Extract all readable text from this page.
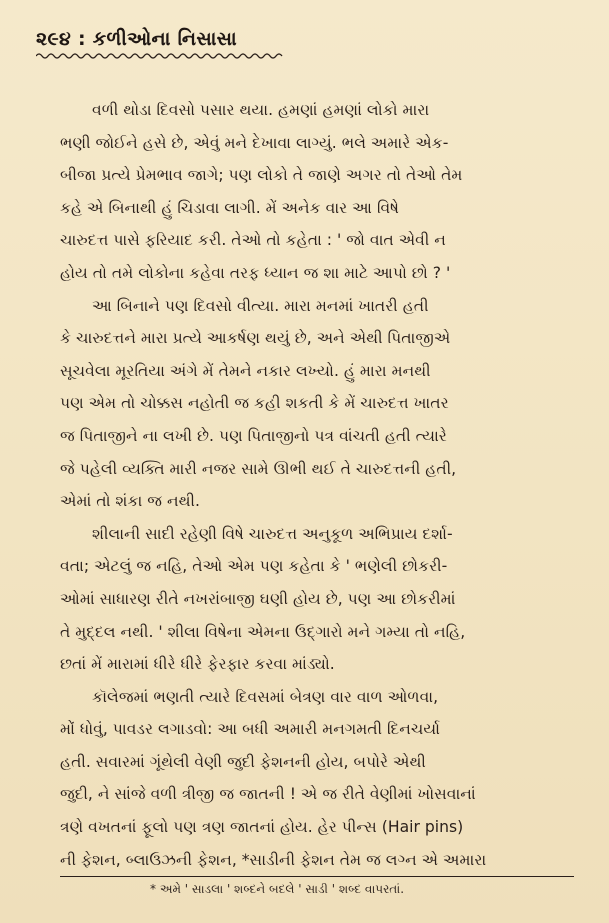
૨૯૪ : કળીઓના નિસાસા
વળી થોડા દિવસો પસાર થયા. હમણાં હમણાં લોકો મારા
ભણી જોઈને હસે છે, એવું મને દેખાવા લાગ્યું. ભલે અમારે એક-
બીજા પ્રત્યે પ્રેમભાવ જાગે; પણ લોકો તે જાણે અગર તો તેઓ તેમ
કહે એ બિનાથી હું ચિડાવા લાગી. મેં અનેક વાર આ વિષે
ચારુદત્ત પાસે ફરિયાદ કરી. તેઓ તો કહેતા : ' જો વાત એવી ન
હોય તો તમે લોકોના કહેવા તરફ ધ્યાન જ શા માટે આપો છો ? '
આ બિનાને પણ દિવસો વીત્યા. મારા મનમાં ખાતરી હતી
કે ચારુદત્તને મારા પ્રત્યે આકર્ષણ થયું છે, અને એથી પિતાજીએ
સૂચવેલા મૂરતિયા અંગે મેં તેમને નકાર લખ્યો. હું મારા મનથી
પણ એમ તો ચોક્કસ નહોતી જ કહી શકતી કે મેં ચારુદત્ત ખાતર
જ પિતાજીને ના લખી છે. પણ પિતાજીનો પત્ર વાંચતી હતી ત્યારે
જે પહેલી વ્યક્તિ મારી નજર સામે ઊભી થઈ તે ચારુદત્તની હતી,
એમાં તો શંકા જ નથી.
શીલાની સાદી રહેણી વિષે ચારુદત્ત અનુકૂળ અભિપ્રાય દર્શા-
વતા; એટલું જ નહિ, તેઓ એમ પણ કહેતા કે ' ભણેલી છોકરી-
ઓમાં સાધારણ રીતે નખરાંબાજી ઘણી હોય છે, પણ આ છોકરીમાં
તે મુદ્દલ નથી. ' શીલા વિષેના એમના ઉદ્ગારો મને ગમ્યા તો નહિ,
છતાં મેં મારામાં ધીરે ધીરે ફેરફાર કરવા માંડ્યો.
કૉલેજમાં ભણતી ત્યારે દિવસમાં બેત્રણ વાર વાળ ઓળવા,
મોં ધોવું, પાવડર લગાડવો: આ બધી અમારી મનગમતી દિનચર્યા
હતી. સવારમાં ગૂંથેલી વેણી જુદી ફેશનની હોય, બપોરે એથી
જુદી, ને સાંજે વળી ત્રીજી જ જાતની ! એ જ રીતે વેણીમાં ખોસવાનાં
ત્રણે વખતનાં ફૂલો પણ ત્રણ જાતનાં હોય. હેર પીન્સ (Hair pins)
ની ફેશન, બ્લાઉઝની ફેશન, *સાડીની ફેશન તેમ જ લગ્ન એ અમારા
* અમે ' સાડલા ' શબ્દને બદલે ' સાડી ' શબ્દ વાપરતાં.
